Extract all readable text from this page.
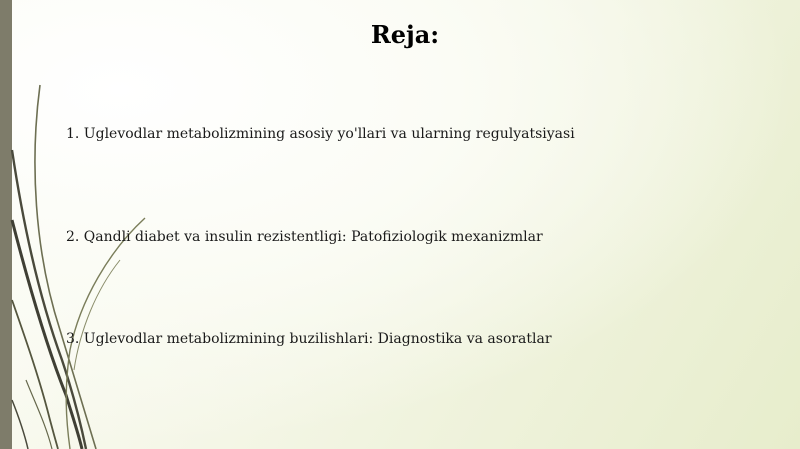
Reja:
1. Uglevodlar metabolizmining asosiy yo'llari va ularning regulyatsiyasi
2. Qandli diabet va insulin rezistentligi: Patofiziologik mexanizmlar
3. Uglevodlar metabolizmining buzilishlari: Diagnostika va asoratlar
